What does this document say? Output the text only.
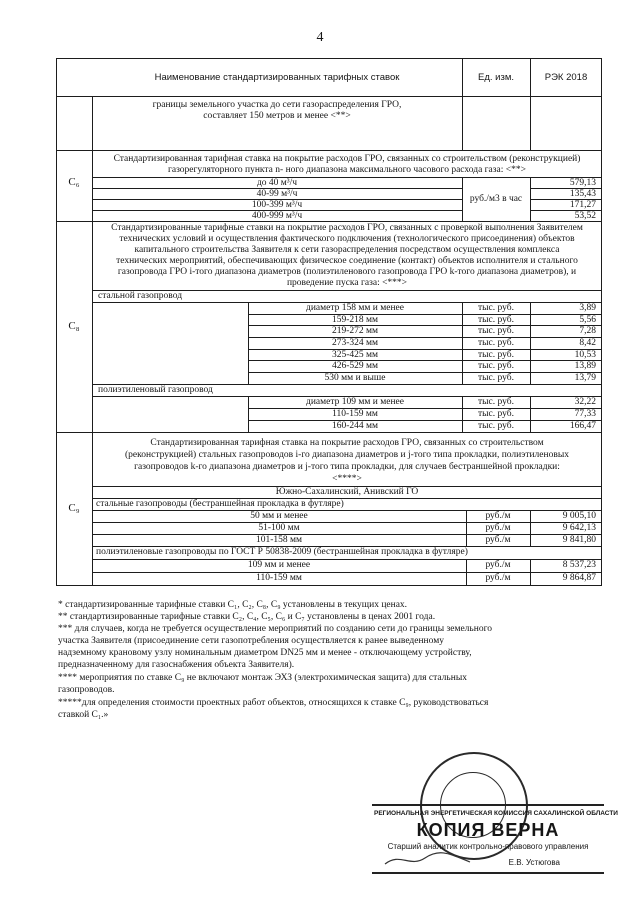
4
Наименование стандартизированных тарифных ставок	Ед. изм.	РЭК 2018
границы земельного участка до сети газораспределения ГРО,
составляет 150 метров и менее <**>
C₆
Стандартизированная тарифная ставка на покрытие расходов ГРО, связанных со строительством (реконструкцией)
газорегуляторного пункта n- ного диапазона максимального часового расхода газа: <**>
руб./м3 в час
до 40 м³/ч
40-99 м³/ч
100-399 м³/ч
400-999 м³/ч
579,13
135,43
171,27
53,52
C₈
Стандартизированные тарифные ставки на покрытие расходов ГРО, связанных с проверкой выполнения Заявителем
технических условий и осуществления фактического подключения (технологического присоединения) объектов
капитального строительства Заявителя к сети газораспределения посредством осуществления комплекса
технических мероприятий, обеспечивающих физическое соединение (контакт) объектов исполнителя и стального
газопровода ГРО i-того диапазона диаметров (полиэтиленового газопровода ГРО k-того диапазона диаметров), и
проведение пуска газа: <***>
стальной газопровод
диаметр 158 мм и менее
159-218 мм
219-272 мм
273-324 мм
325-425 мм
426-529 мм
530 мм и выше
тыс. руб.
тыс. руб.
тыс. руб.
тыс. руб.
тыс. руб.
тыс. руб.
тыс. руб.
3,89
5,56
7,28
8,42
10,53
13,89
13,79
полиэтиленовый газопровод
диаметр 109 мм и менее
110-159 мм
160-244 мм
тыс. руб.
тыс. руб.
тыс. руб.
32,22
77,33
166,47
C₉
Стандартизированная тарифная ставка на покрытие расходов ГРО, связанных со строительством
(реконструкцией) стальных газопроводов i-го диапазона диаметров и j-того типа прокладки, полиэтиленовых
газопроводов k-го диапазона диаметров и j-того типа прокладки, для случаев бестраншейной прокладки:
<****>
Южно-Сахалинский, Анивский ГО
стальные газопроводы (бестраншейная прокладка в футляре)
50 мм и менее
51-100 мм
101-158 мм
руб./м
руб./м
руб./м
9 005,10
9 642,13
9 841,80
полиэтиленовые газопроводы по ГОСТ Р 50838-2009 (бестраншейная прокладка в футляре)
109 мм и менее
110-159 мм
руб./м
руб./м
8 537,23
9 864,87
* стандартизированные тарифные ставки C₁, C₂, C₈, C₉ установлены в текущих ценах.
** стандартизированные тарифные ставки C₂, C₄, C₅, C₆ и C₇ установлены в ценах 2001 года.
*** для случаев, когда не требуется осуществление мероприятий по созданию сети до границы земельного
участка Заявителя (присоединение сети газопотребления осуществляется к ранее выведенному
надземному крановому узлу номинальным диаметром DN25 мм и менее - отключающему устройству,
предназначенному для газоснабжения объекта Заявителя).
**** мероприятия по ставке C₉ не включают монтаж ЭХЗ (электрохимическая защита) для стальных
газопроводов.
*****для определения стоимости проектных работ объектов, относящихся к ставке C₉, руководствоваться
ставкой C₁.»
РЕГИОНАЛЬНАЯ ЭНЕРГЕТИЧЕСКАЯ КОМИССИЯ САХАЛИНСКОЙ ОБЛАСТИ
КОПИЯ ВЕРНА
Старший аналитик контрольно-правового управления
Е.В. Устюгова
